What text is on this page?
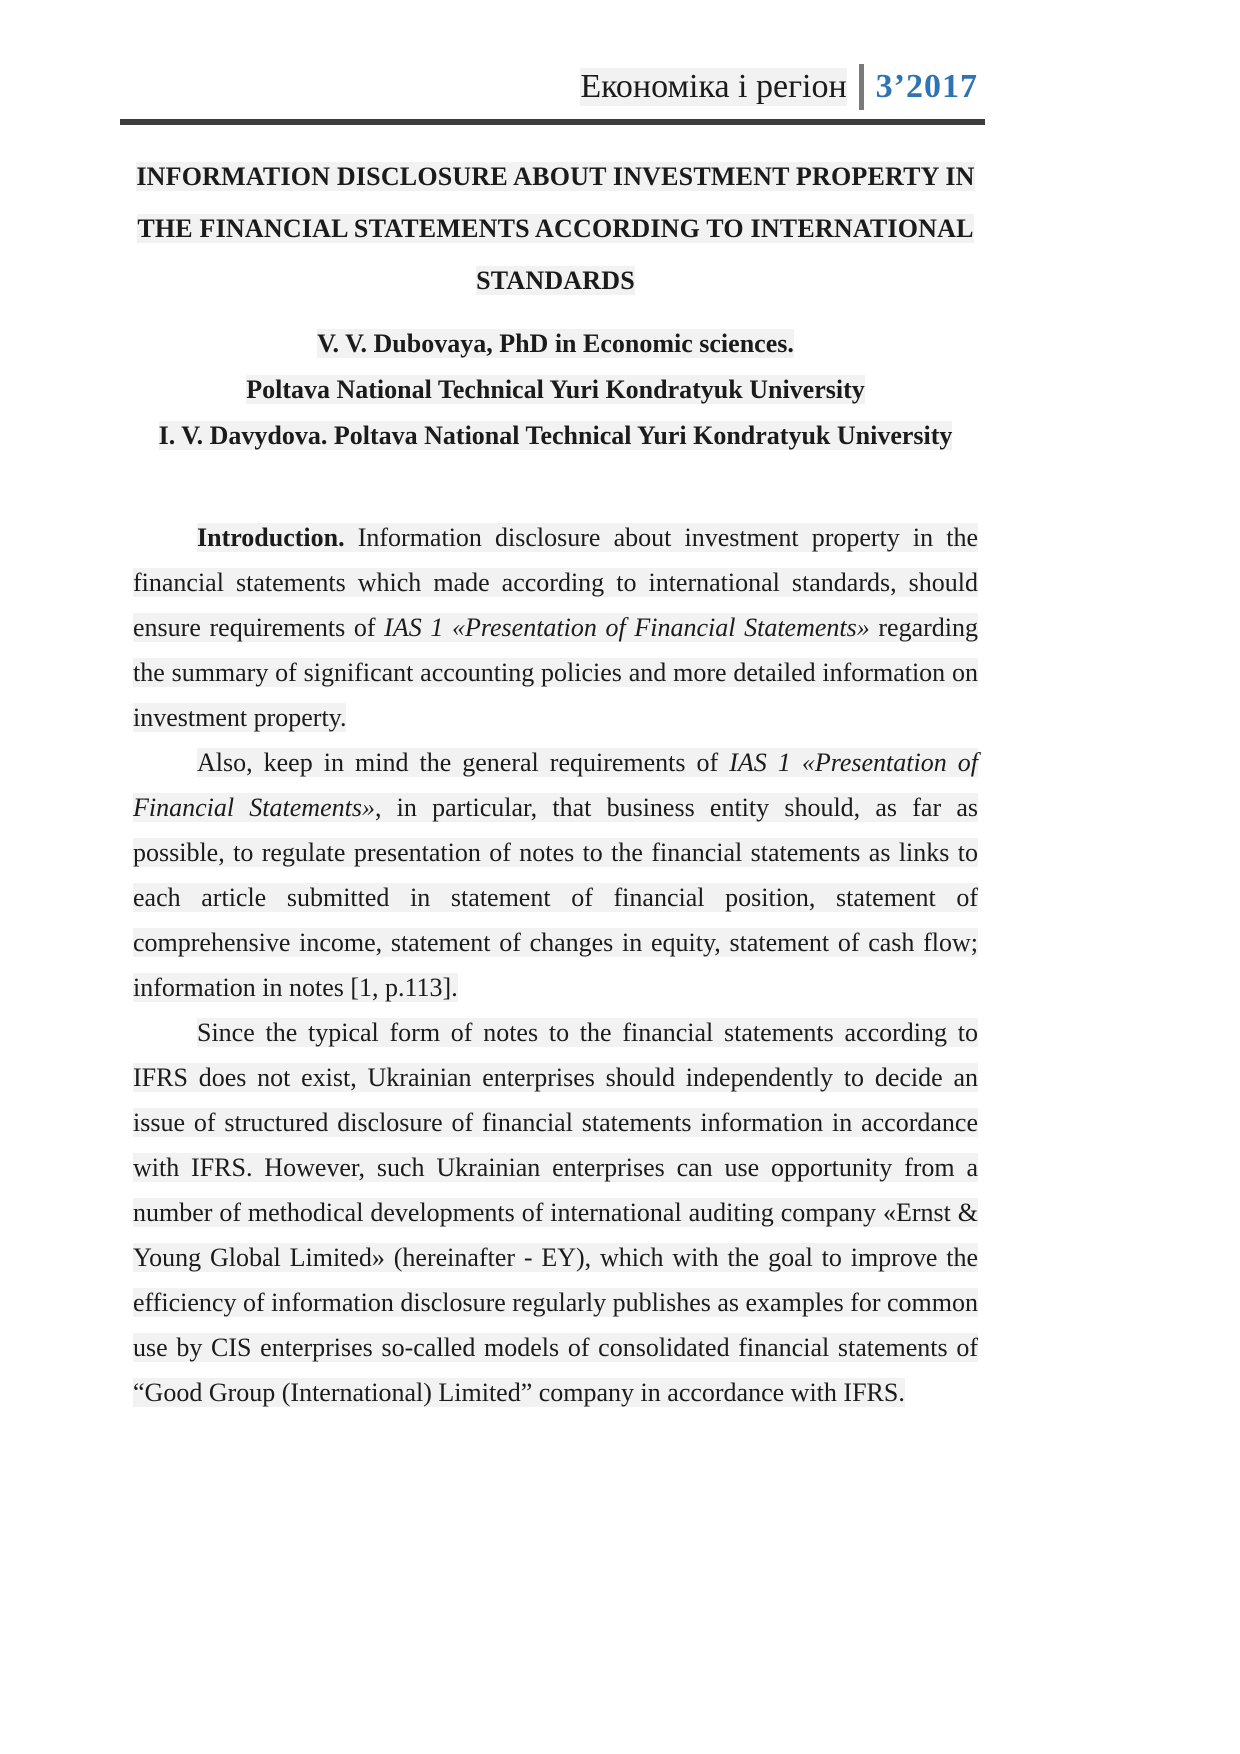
Економіка і регіон 3’2017
INFORMATION DISCLOSURE ABOUT INVESTMENT PROPERTY IN THE FINANCIAL STATEMENTS ACCORDING TO INTERNATIONAL STANDARDS

V. V. Dubovaya, PhD in Economic sciences.

Poltava National Technical Yuri Kondratyuk University

I. V. Davydova. Poltava National Technical Yuri Kondratyuk University

Introduction. Information disclosure about investment property in the financial statements which made according to international standards, should ensure requirements of IAS 1 «Presentation of Financial Statements» regarding the summary of significant accounting policies and more detailed information on investment property.

Also, keep in mind the general requirements of IAS 1 «Presentation of Financial Statements», in particular, that business entity should, as far as possible, to regulate presentation of notes to the financial statements as links to each article submitted in statement of financial position, statement of comprehensive income, statement of changes in equity, statement of cash flow; information in notes [1, p.113].

Since the typical form of notes to the financial statements according to IFRS does not exist, Ukrainian enterprises should independently to decide an issue of structured disclosure of financial statements information in accordance with IFRS. However, such Ukrainian enterprises can use opportunity from a number of methodical developments of international auditing company «Ernst & Young Global Limited» (hereinafter - EY), which with the goal to improve the efficiency of information disclosure regularly publishes as examples for common use by CIS enterprises so-called models of consolidated financial statements of “Good Group (International) Limited” company in accordance with IFRS.
